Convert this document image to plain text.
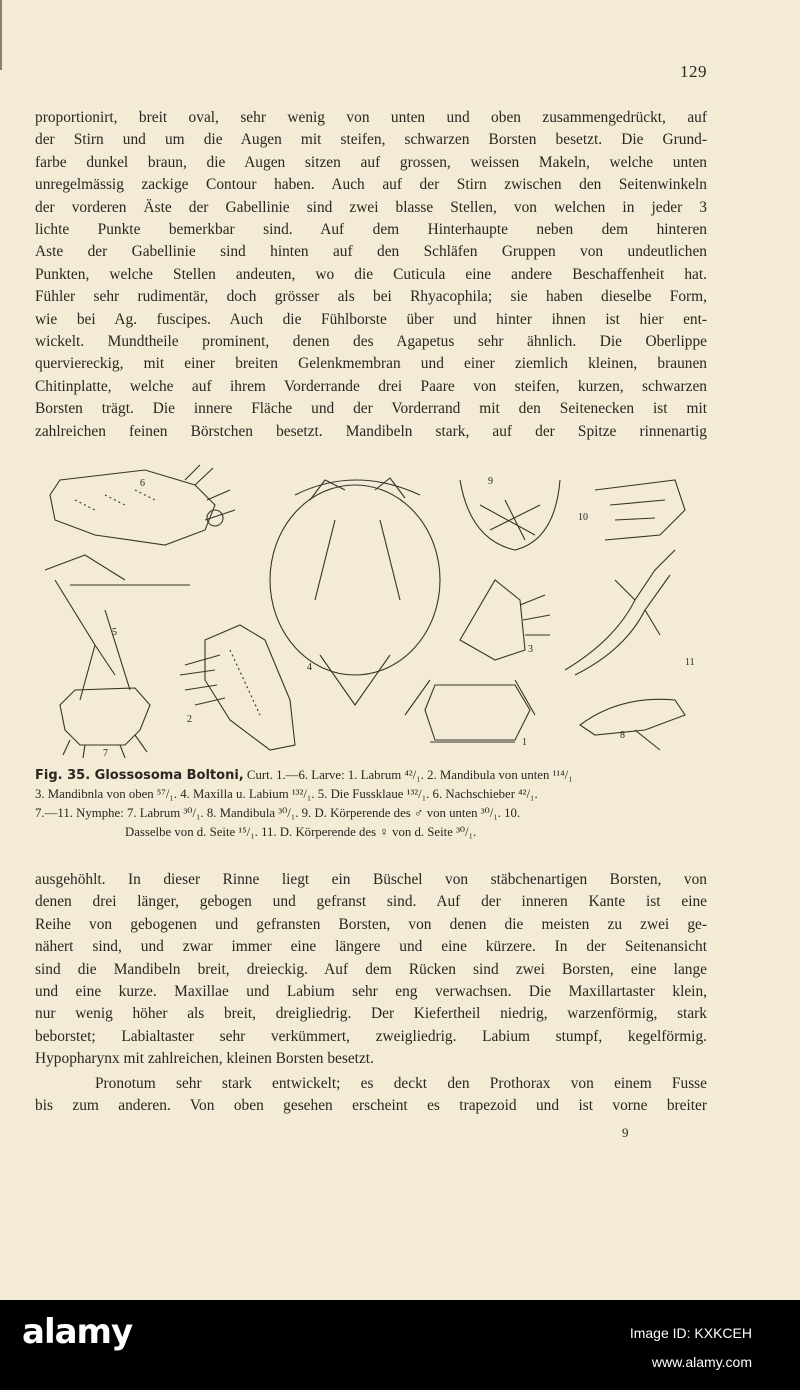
129
proportionirt, breit oval, sehr wenig von unten und oben zusammengedrückt, auf
der Stirn und um die Augen mit steifen, schwarzen Borsten besetzt. Die Grund-
farbe dunkel braun, die Augen sitzen auf grossen, weissen Makeln, welche unten
unregelmässig zackige Contour haben. Auch auf der Stirn zwischen den Seitenwinkeln
der vorderen Äste der Gabellinie sind zwei blasse Stellen, von welchen in jeder 3
lichte Punkte bemerkbar sind. Auf dem Hinterhaupte neben dem hinteren
Aste der Gabellinie sind hinten auf den Schläfen Gruppen von undeutlichen
Punkten, welche Stellen andeuten, wo die Cuticula eine andere Beschaffenheit hat.
Fühler sehr rudimentär, doch grösser als bei Rhyacophila; sie haben dieselbe Form,
wie bei Ag. fuscipes. Auch die Fühlborste über und hinter ihnen ist hier ent-
wickelt. Mundtheile prominent, denen des Agapetus sehr ähnlich. Die Oberlippe
querviereckig, mit einer breiten Gelenkmembran und einer ziemlich kleinen, braunen
Chitinplatte, welche auf ihrem Vorderrande drei Paare von steifen, kurzen, schwarzen
Borsten trägt. Die innere Fläche und der Vorderrand mit den Seitenecken ist mit
zahlreichen feinen Börstchen besetzt. Mandibeln stark, auf der Spitze rinnenartig
6	9
10
5
4
3
11
2
7
1
8
Fig. 35. Glossosoma Boltoni, Curt. 1.—6. Larve: 1. Labrum ⁴²/₁. 2. Mandibula von unten ¹¹⁴/₁
3. Mandibnla von oben ⁵⁷/₁. 4. Maxilla u. Labium ¹³²/₁. 5. Die Fussklaue ¹³²/₁. 6. Nachschieber ⁴²/₁.
7.—11. Nymphe: 7. Labrum ³⁰/₁. 8. Mandibula ³⁰/₁. 9. D. Körperende des ♂ von unten ³⁰/₁. 10.
Dasselbe von d. Seite ¹⁵/₁. 11. D. Körperende des ♀ von d. Seite ³⁰/₁.
ausgehöhlt. In dieser Rinne liegt ein Büschel von stäbchenartigen Borsten, von
denen drei länger, gebogen und gefranst sind. Auf der inneren Kante ist eine
Reihe von gebogenen und gefransten Borsten, von denen die meisten zu zwei ge-
nähert sind, und zwar immer eine längere und eine kürzere. In der Seitenansicht
sind die Mandibeln breit, dreieckig. Auf dem Rücken sind zwei Borsten, eine lange
und eine kurze. Maxillae und Labium sehr eng verwachsen. Die Maxillartaster klein,
nur wenig höher als breit, dreigliedrig. Der Kiefertheil niedrig, warzenförmig, stark
beborstet; Labialtaster sehr verkümmert, zweigliedrig. Labium stumpf, kegelförmig.
Hypopharynx mit zahlreichen, kleinen Borsten besetzt.
Pronotum sehr stark entwickelt; es deckt den Prothorax von einem Fusse
bis zum anderen. Von oben gesehen erscheint es trapezoid und ist vorne breiter
9
alamy	Image ID: KXKCEH
www.alamy.com
